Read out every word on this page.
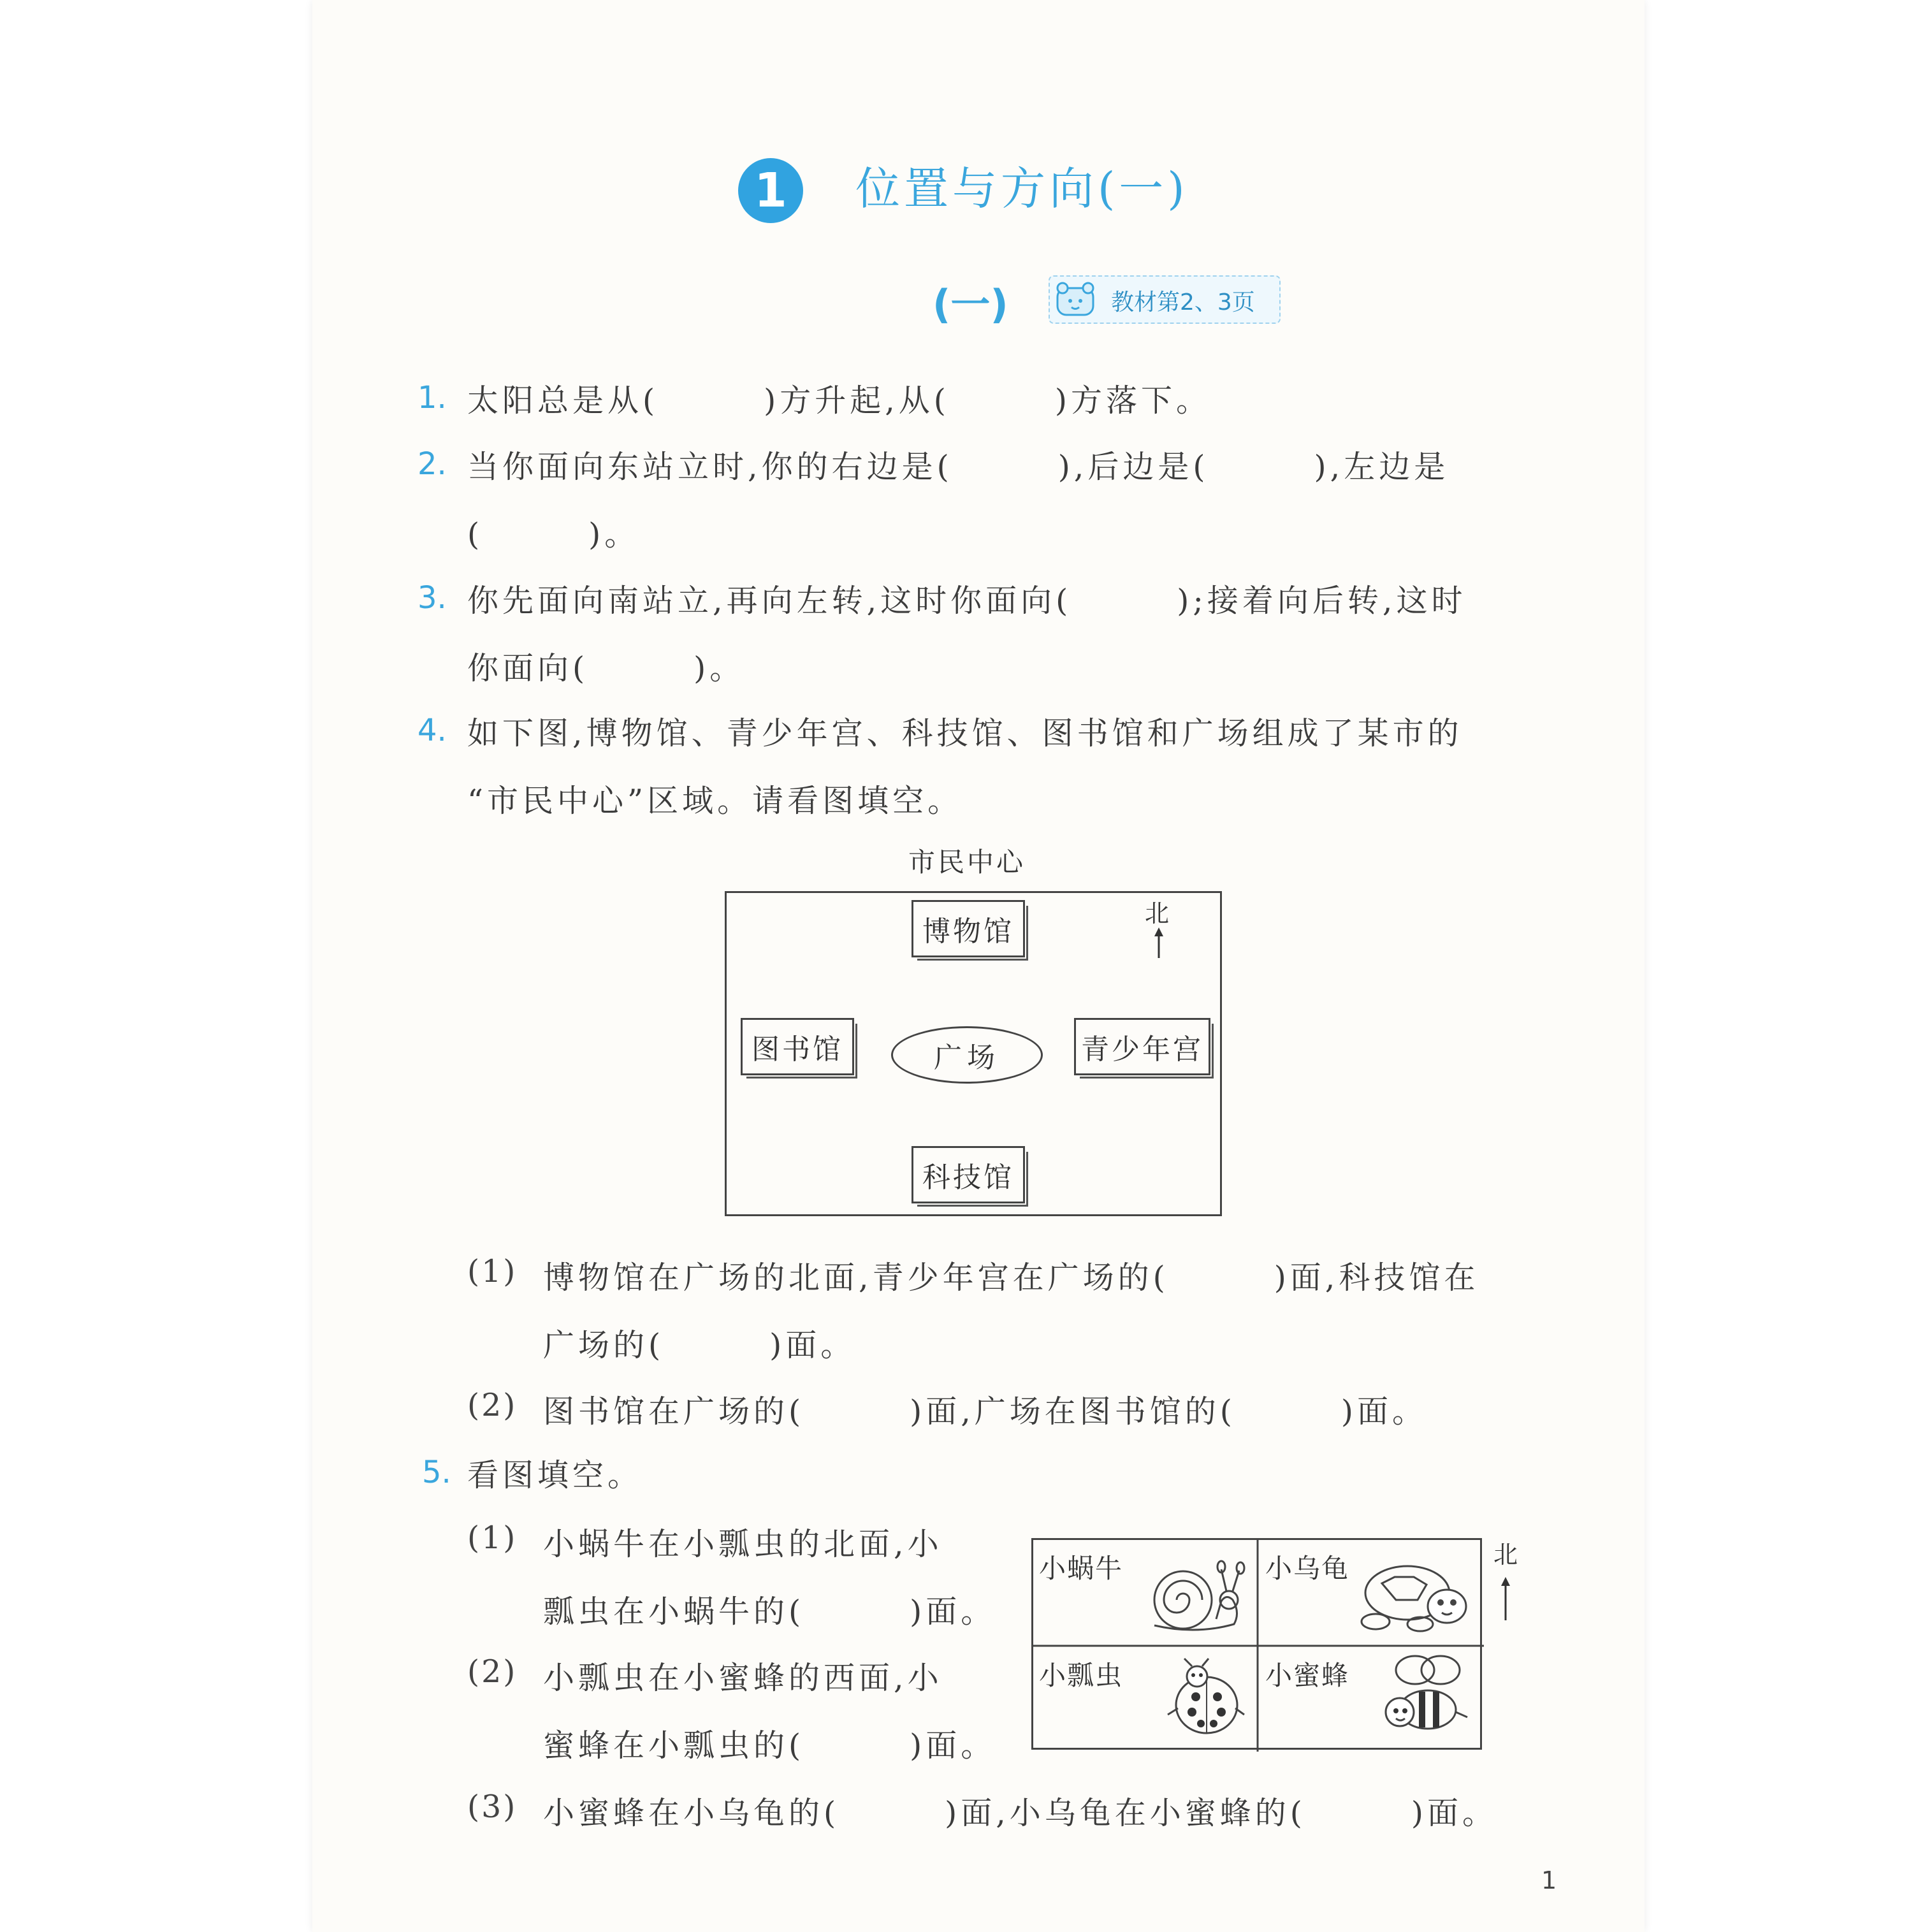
1	位置与方向(一)
(一)	教材第2、3页
1. 太阳总是从(　　　)方升起,从(　　　)方落下。
2. 当你面向东站立时,你的右边是(　　　),后边是(　　　),左边是
(　　　)。
3. 你先面向南站立,再向左转,这时你面向(　　　);接着向后转,这时
你面向(　　　)。
4. 如下图,博物馆、青少年宫、科技馆、图书馆和广场组成了某市的
“市民中心”区域。请看图填空。
市民中心
博物馆
图书馆	广场	青少年宫
科技馆
北
(1) 博物馆在广场的北面,青少年宫在广场的(　　　)面,科技馆在
广场的(　　　)面。
(2) 图书馆在广场的(　　　)面,广场在图书馆的(　　　)面。
5. 看图填空。
(1) 小蜗牛在小瓢虫的北面,小
瓢虫在小蜗牛的(　　　)面。
(2) 小瓢虫在小蜜蜂的西面,小
蜜蜂在小瓢虫的(　　　)面。
(3) 小蜜蜂在小乌龟的(　　　)面,小乌龟在小蜜蜂的(　　　)面。
小蜗牛	小乌龟
小瓢虫	小蜜蜂
北
1
